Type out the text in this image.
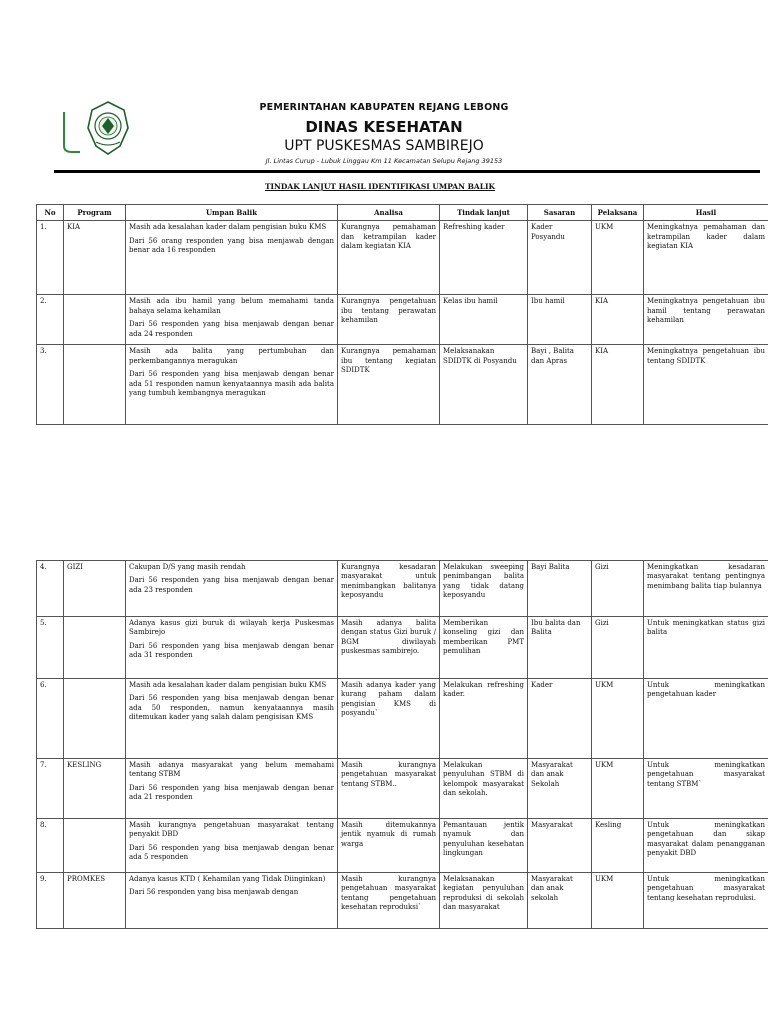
PEMERINTAHAN KABUPATEN REJANG LEBONG
DINAS KESEHATAN
UPT PUSKESMAS SAMBIREJO
Jl. Lintas Curup - Lubuk Linggau Km 11 Kecamatan Selupu Rejang 39153
TINDAK LANJUT HASIL IDENTIFIKASI UMPAN BALIK
No	Program	Umpan Balik	Analisa	Tindak lanjut	Sasaran	Pelaksana	Hasil
1.	KIA	Masih ada kesalahan kader dalam pengisian buku KMS

Dari 56 orang responden yang bisa menjawab dengan benar ada 16 responden	Kurangnya pemahaman dan ketrampilan kader dalam kegiatan KIA	Refreshing kader	Kader Posyandu	UKM	Meningkatnya pemahaman dan ketrampilan kader dalam kegiatan KIA
2.		Masih ada ibu hamil yang belum memahami tanda bahaya selama kehamilan

Dari 56 responden yang bisa menjawab dengan benar ada 24 responden	Kurangnya pengetahuan ibu tentang perawatan kehamilan	Kelas ibu hamil	Ibu hamil	KIA	Meningkatnya pengetahuan ibu hamil tentang perawatan kehamilan
3.		Masih ada balita yang pertumbuhan dan perkembangannya meragukan

Dari 56 responden yang bisa menjawab dengan benar ada 51 responden namun kenyataannya masih ada balita yang tumbuh kembangnya meragukan	Kurangnya pemahaman ibu tentang kegiatan SDIDTK	Melaksanakan SDIDTK di Posyandu	Bayi , Balita dan Apras	KIA	Meningkatnya pengetahuan ibu tentang SDIDTK
4.	GIZI	Cakupan D/S yang masih rendah

Dari 56 responden yang bisa menjawab dengan benar ada 23 responden	Kurangnya kesadaran masyarakat untuk menimbangkan balitanya keposyandu	Melakukan sweeping penimbangan balita yang tidak datang keposyandu	Bayi Balita	Gizi	Meningkatkan kesadaran masyarakat tentang pentingnya menimbang balita tiap bulannya
5.		Adanya kasus gizi buruk di wilayah kerja Puskesmas Sambirejo

Dari 56 responden yang bisa menjawab dengan benar ada 31 responden	Masih adanya balita dengan status Gizi buruk / BGM diwilayah puskesmas sambirejo.	Memberikan konseling gizi dan memberikan PMT pemulihan	Ibu balita dan Balita	Gizi	Untuk meningkatkan status gizi balita
6.		Masih ada kesalahan kader dalam pengisian buku KMS

Dari 56 responden yang bisa menjawab dengan benar ada 50 responden, namun kenyataannya masih ditemukan kader yang salah dalam pengisisan KMS	Masih adanya kader yang kurang paham dalam pengisian KMS di posyandu`	Melakukan refreshing kader.	Kader	UKM	Untuk meningkatkan pengetahuan kader
7.	KESLING	Masih adanya masyarakat yang belum memahami tentang STBM

Dari 56 responden yang bisa menjawab dengan benar ada 21 responden	Masih kurangnya pengetahuan masyarakat tentang STBM..	Melakukan penyuluhan STBM di kelompok masyarakat dan sekolah.	Masyarakat dan anak Sekolah	UKM	Untuk meningkatkan pengetahuan masyarakat tentang STBM`
8.		Masih kurangnya pengetahuan masyarakat tentang penyakit DBD

Dari 56 responden yang bisa menjawab dengan benar ada 5 responden	Masih ditemukannya jentik nyamuk di rumah warga	Pemantauan jentik nyamuk dan penyuluhan kesehatan lingkungan	Masyarakat	Kesling	Untuk meningkatkan pengetahuan dan sikap masyarakat dalam penangganan penyakit DBD
9.	PROMKES	Adanya kasus KTD ( Kehamilan yang Tidak Diinginkan)

Dari 56 responden yang bisa menjawab dengan	Masih kurangnya pengetahuan masyarakat tentang pengetahuan kesehatan reproduksi`	Melaksanakan kegiatan penyuluhan reproduksi di sekolah dan masyarakat	Masyarakat dan anak sekolah	UKM	Untuk meningkatkan pengetahuan masyarakat tentang kesehatan reproduksi.
